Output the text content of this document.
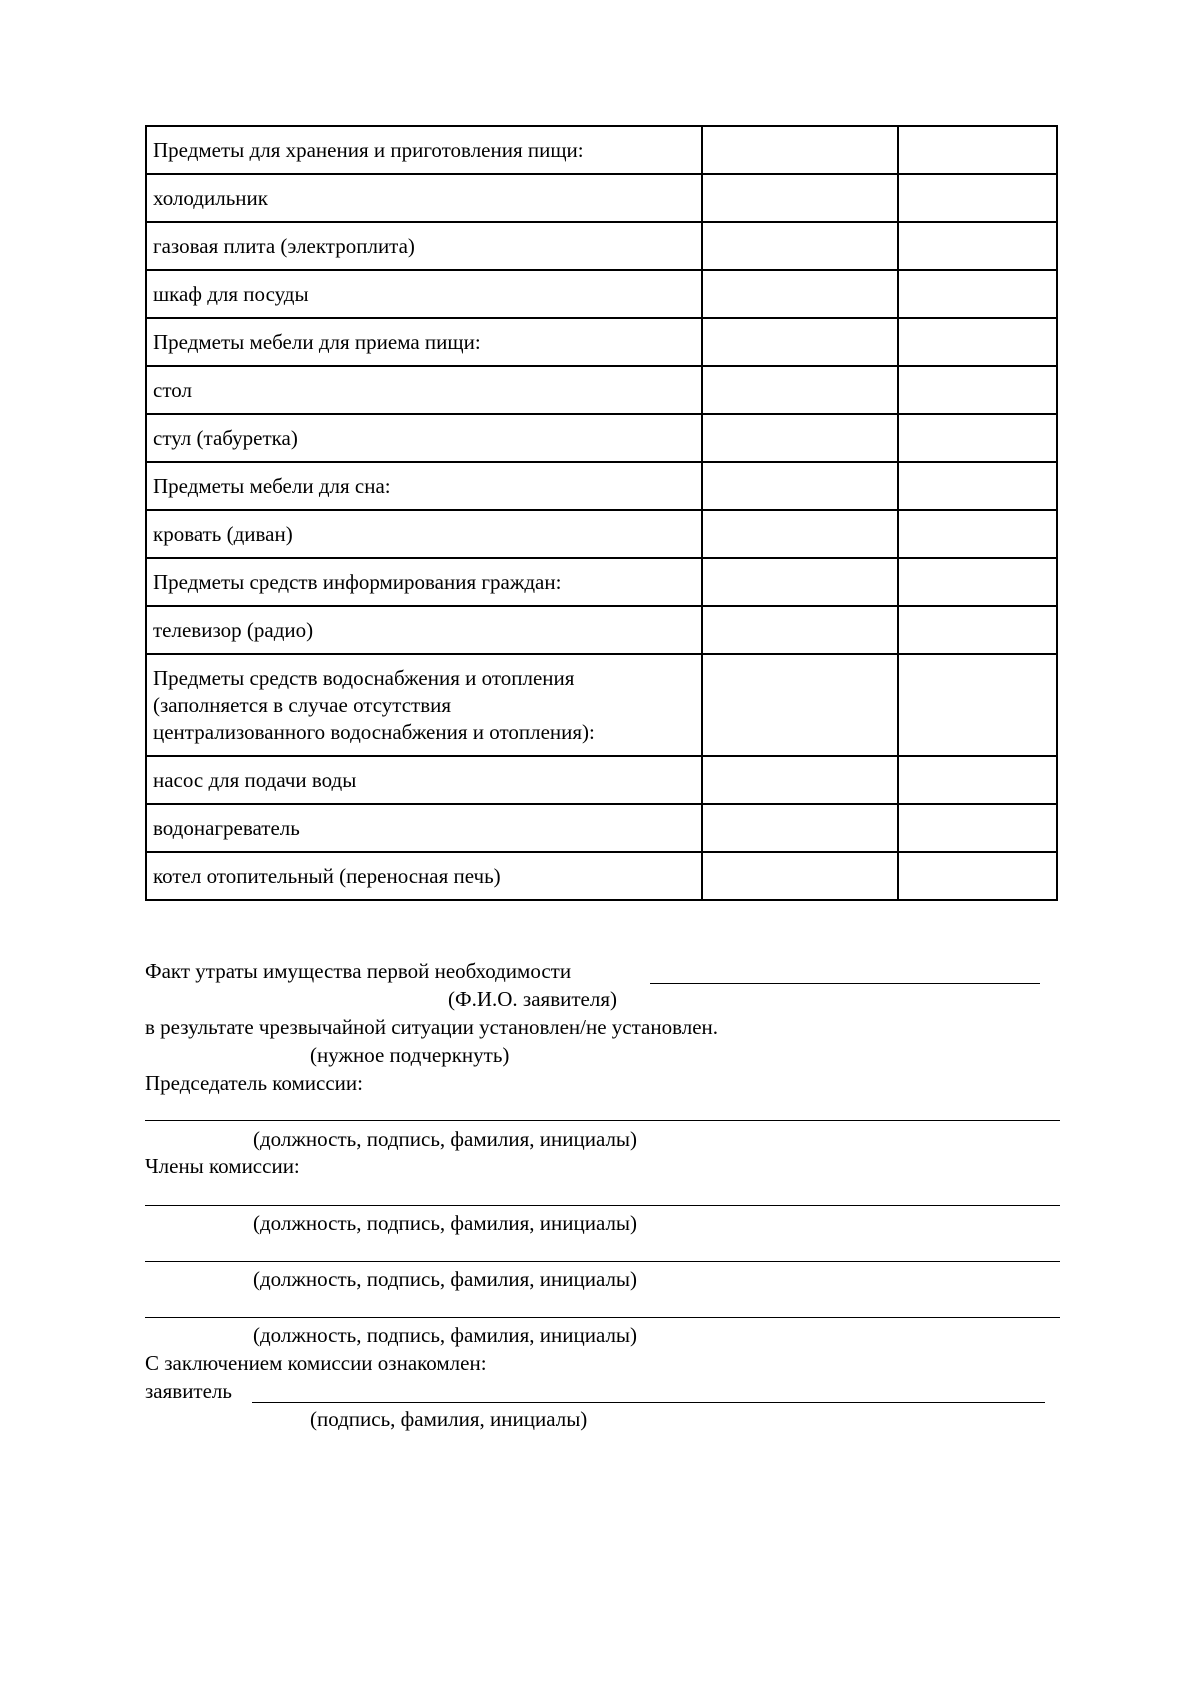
Предметы для хранения и приготовления пищи:		
холодильник		
газовая плита (электроплита)		
шкаф для посуды		
Предметы мебели для приема пищи:		
стол		
стул (табуретка)		
Предметы мебели для сна:		
кровать (диван)		
Предметы средств информирования граждан:		
телевизор (радио)		

Предметы средств водоснабжения и отопления
(заполняется в случае отсутствия
централизованного водоснабжения и отопления):		

насос для подачи воды		
водонагреватель		
котел отопительный (переносная печь)		
Факт утраты имущества первой необходимости
(Ф.И.О. заявителя)
в результате чрезвычайной ситуации установлен/не установлен.
(нужное подчеркнуть)
Председатель комиссии:
(должность, подпись, фамилия, инициалы)
Члены комиссии:
(должность, подпись, фамилия, инициалы)
(должность, подпись, фамилия, инициалы)
(должность, подпись, фамилия, инициалы)
С заключением комиссии ознакомлен:
заявитель
(подпись, фамилия, инициалы)
